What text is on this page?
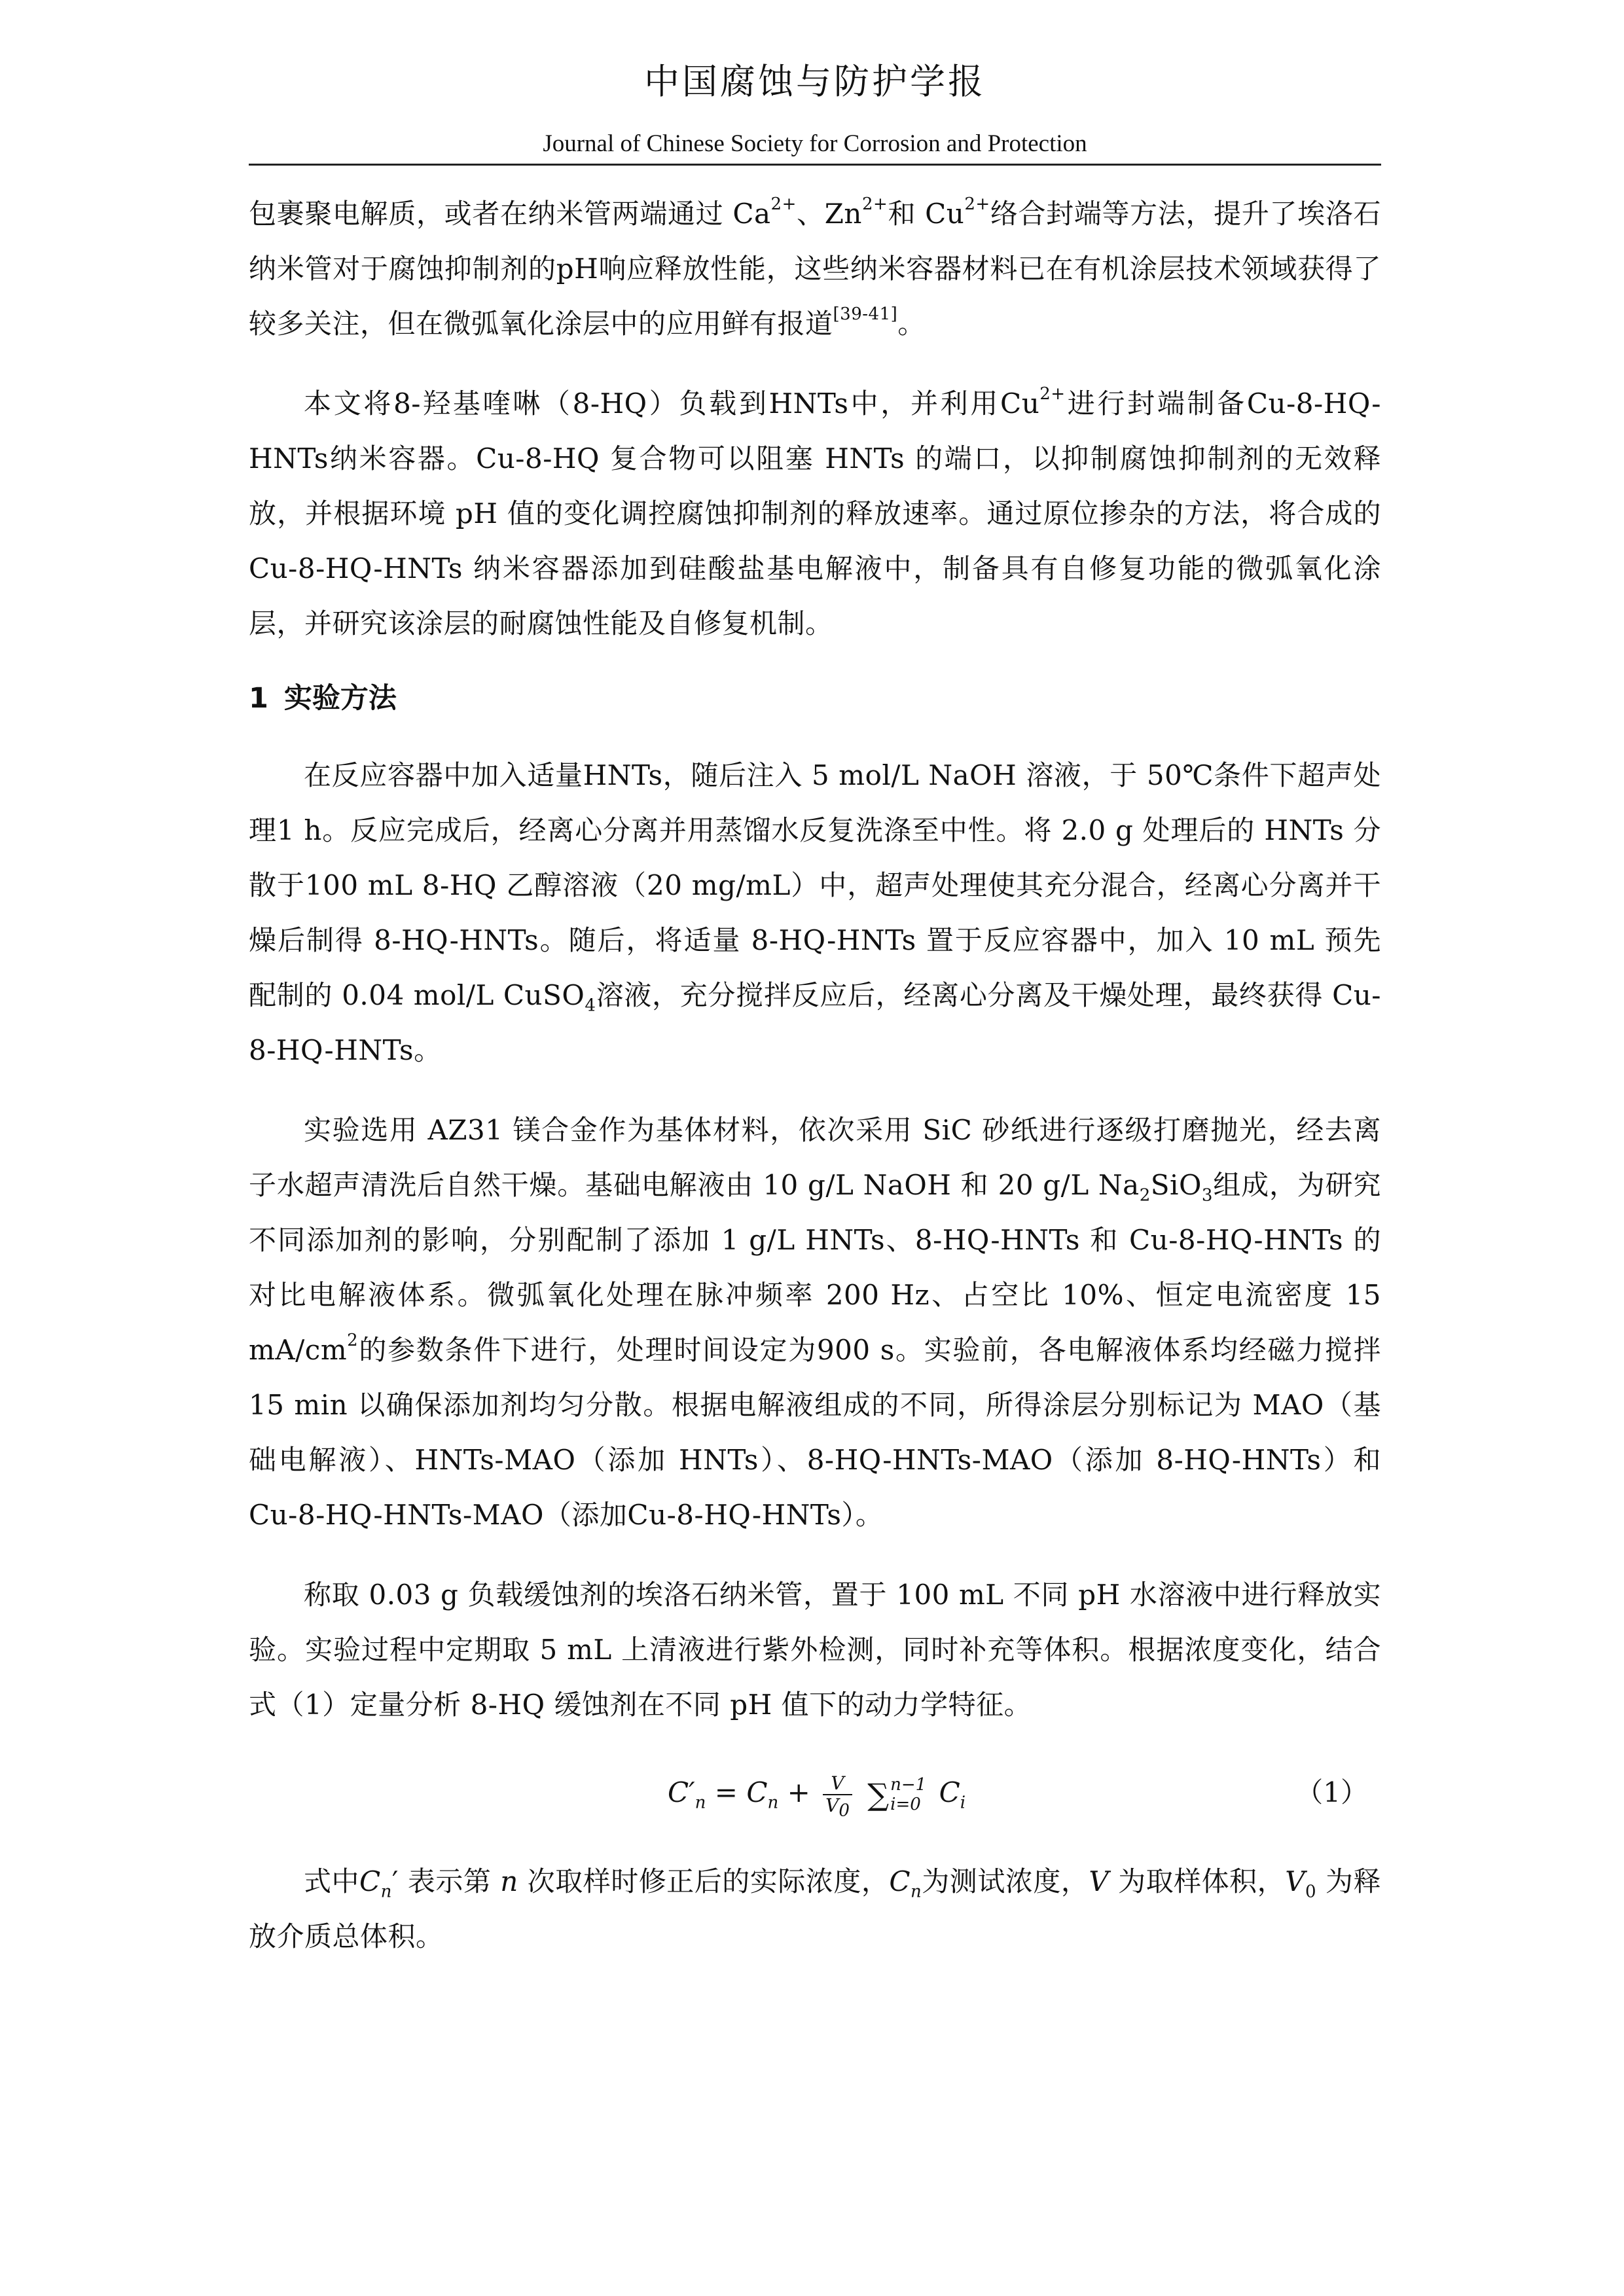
中国腐蚀与防护学报
Journal of Chinese Society for Corrosion and Protection

包裹聚电解质，或者在纳米管两端通过 $Ca^{2+}$、$Zn^{2+}$和 $Cu^{2+}$络合封端等方法，提升了埃洛石纳米管对于腐蚀抑制剂的pH响应释放性能，这些纳米容器材料已在有机涂层技术领域获得了较多关注，但在微弧氧化涂层中的应用鲜有报道[39-41]。

本文将8-羟基喹啉（8-HQ）负载到HNTs中，并利用$Cu^{2+}$进行封端制备Cu-8-HQ-HNTs纳米容器。Cu-8-HQ 复合物可以阻塞 HNTs 的端口，以抑制腐蚀抑制剂的无效释放，并根据环境 pH 值的变化调控腐蚀抑制剂的释放速率。通过原位掺杂的方法，将合成的 Cu-8-HQ-HNTs 纳米容器添加到硅酸盐基电解液中，制备具有自修复功能的微弧氧化涂层，并研究该涂层的耐腐蚀性能及自修复机制。

1 实验方法

在反应容器中加入适量HNTs，随后注入 5 mol/L NaOH 溶液，于 50℃条件下超声处理1 h。反应完成后，经离心分离并用蒸馏水反复洗涤至中性。将 2.0 g 处理后的 HNTs 分散于100 mL 8-HQ 乙醇溶液（20 mg/mL）中，超声处理使其充分混合，经离心分离并干燥后制得 8-HQ-HNTs。随后，将适量 8-HQ-HNTs 置于反应容器中，加入 10 mL 预先配制的 0.04 mol/L CuSO$_4$溶液，充分搅拌反应后，经离心分离及干燥处理，最终获得 Cu-8-HQ-HNTs。

实验选用 AZ31 镁合金作为基体材料，依次采用 SiC 砂纸进行逐级打磨抛光，经去离子水超声清洗后自然干燥。基础电解液由 10 g/L NaOH 和 20 g/L $Na_2SiO_3$组成，为研究不同添加剂的影响，分别配制了添加 1 g/L HNTs、8-HQ-HNTs 和 Cu-8-HQ-HNTs 的对比电解液体系。微弧氧化处理在脉冲频率 200 Hz、占空比 10%、恒定电流密度 15 $mA/cm^2$的参数条件下进行，处理时间设定为900 s。实验前，各电解液体系均经磁力搅拌 15 min 以确保添加剂均匀分散。根据电解液组成的不同，所得涂层分别标记为 MAO（基础电解液）、HNTs-MAO（添加 HNTs）、8-HQ-HNTs-MAO（添加 8-HQ-HNTs）和 Cu-8-HQ-HNTs-MAO（添加Cu-8-HQ-HNTs）。

称取 0.03 g 负载缓蚀剂的埃洛石纳米管，置于 100 mL 不同 pH 水溶液中进行释放实验。实验过程中定期取 5 mL 上清液进行紫外检测，同时补充等体积。根据浓度变化，结合式（1）定量分析 8-HQ 缓蚀剂在不同 pH 值下的动力学特征。

$C'_n = C_n + \frac{V}{V_0}$ ∑ n−1
i=0 $C_i$	（1）

式中$C_n'$ 表示第 n 次取样时修正后的实际浓度，$C_n$为测试浓度，V 为取样体积，$V_0$ 为释放介质总体积。
